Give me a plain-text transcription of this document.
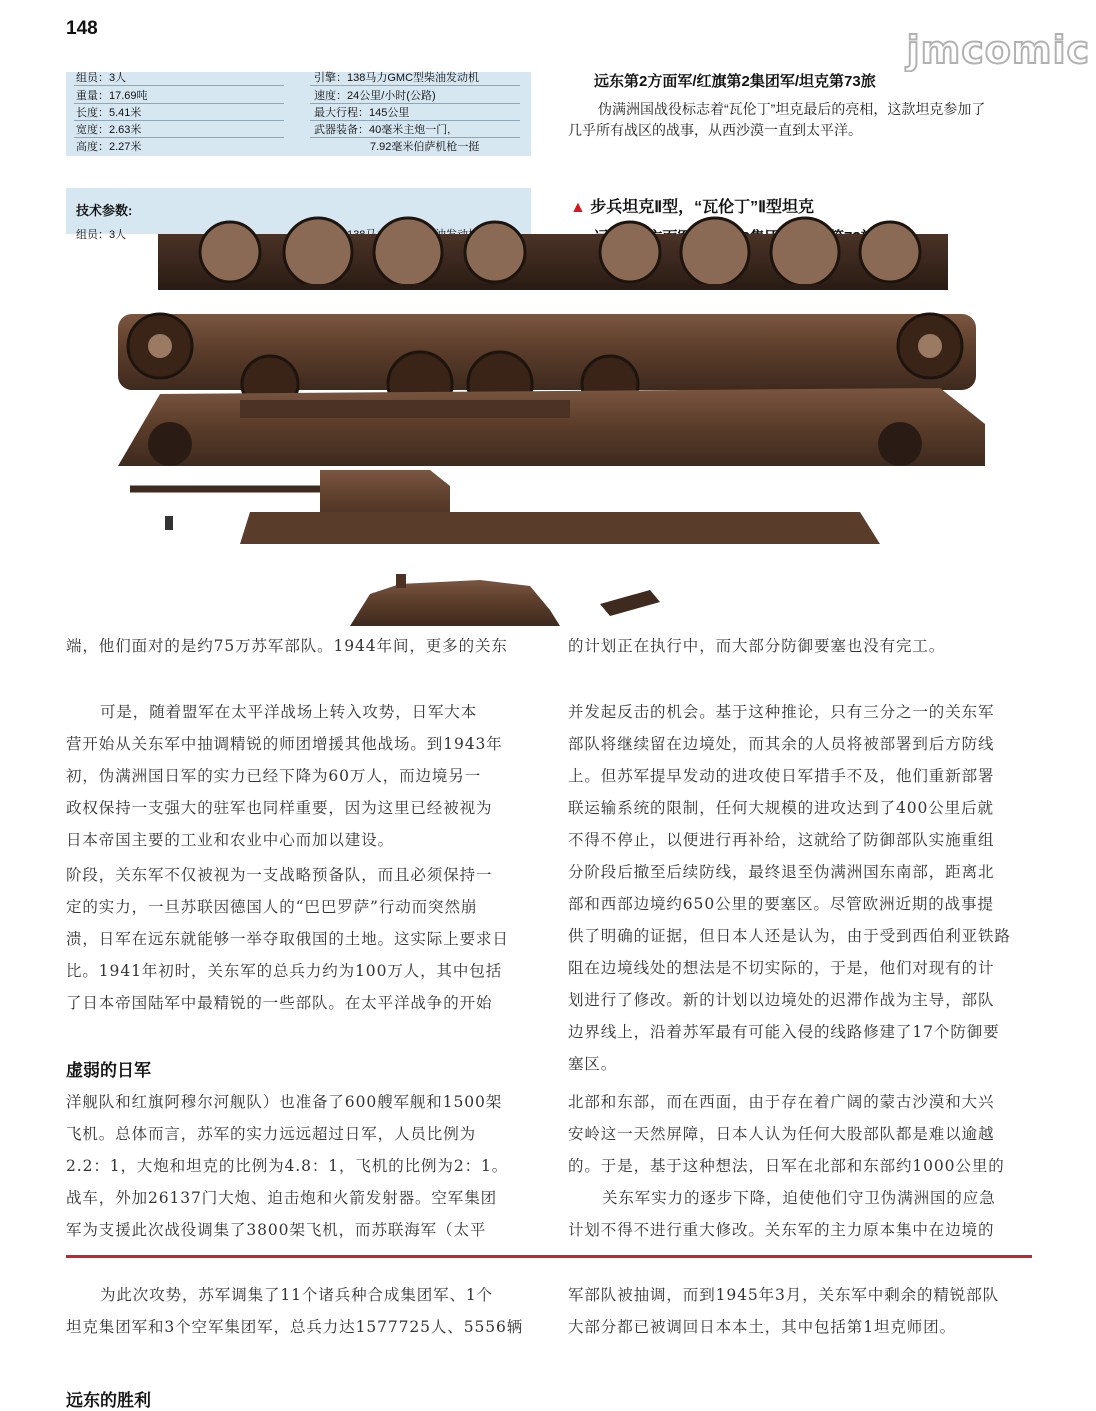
148	jmcomic
组员：3人	引擎：138马力GMC型柴油发动机
重量：17.69吨
长度：5.41米
宽度：2.63米
高度：2.27米
速度：24公里/小时(公路)
最大行程：145公里
武器装备：40毫米主炮一门,
7.92毫米伯萨机枪一挺
技术参数:
组员：3人
远东第2方面军/红旗第2集团军/坦克第73旅
伪满洲国战役标志着“瓦伦丁”坦克最后的亮相，这款坦克参加了
几乎所有战区的战事，从西沙漠一直到太平洋。
▲ 步兵坦克Ⅱ型，“瓦伦丁”Ⅱ型坦克
端，他们面对的是约75万苏军部队。1944年间，更多的关东
可是，随着盟军在太平洋战场上转入攻势，日军大本
营开始从关东军中抽调精锐的师团增援其他战场。到1943年
初，伪满洲国日军的实力已经下降为60万人，而边境另一
政权保持一支强大的驻军也同样重要，因为这里已经被视为
日本帝国主要的工业和农业中心而加以建设。
阶段，关东军不仅被视为一支战略预备队，而且必须保持一
定的实力，一旦苏联因德国人的“巴巴罗萨”行动而突然崩
溃，日军在远东就能够一举夺取俄国的土地。这实际上要求日
比。1941年初时，关东军的总兵力约为100万人，其中包括
了日本帝国陆军中最精锐的一些部队。在太平洋战争的开始
虚弱的日军
洋舰队和红旗阿穆尔河舰队）也准备了600艘军舰和1500架
飞机。总体而言，苏军的实力远远超过日军，人员比例为
2.2：1，大炮和坦克的比例为4.8：1，飞机的比例为2：1。
战车，外加26137门大炮、迫击炮和火箭发射器。空军集团
军为支援此次战役调集了3800架飞机，而苏联海军（太平
为此次攻势，苏军调集了11个诸兵种合成集团军、1个
坦克集团军和3个空军集团军，总兵力达1577725人、5556辆
远东的胜利
的计划正在执行中，而大部分防御要塞也没有完工。
并发起反击的机会。基于这种推论，只有三分之一的关东军
部队将继续留在边境处，而其余的人员将被部署到后方防线
上。但苏军提早发动的进攻使日军措手不及，他们重新部署
联运输系统的限制，任何大规模的进攻达到了400公里后就
不得不停止，以便进行再补给，这就给了防御部队实施重组
分阶段后撤至后续防线，最终退至伪满洲国东南部，距离北
部和西部边境约650公里的要塞区。尽管欧洲近期的战事提
供了明确的证据，但日本人还是认为，由于受到西伯利亚铁路
阻在边境线处的想法是不切实际的，于是，他们对现有的计
划进行了修改。新的计划以边境处的迟滞作战为主导，部队
边界线上，沿着苏军最有可能入侵的线路修建了17个防御要
塞区。
北部和东部，而在西面，由于存在着广阔的蒙古沙漠和大兴
安岭这一天然屏障，日本人认为任何大股部队都是难以逾越
的。于是，基于这种想法，日军在北部和东部约1000公里的
关东军实力的逐步下降，迫使他们守卫伪满洲国的应急
计划不得不进行重大修改。关东军的主力原本集中在边境的
军部队被抽调，而到1945年3月，关东军中剩余的精锐部队
大部分都已被调回日本本土，其中包括第1坦克师团。
